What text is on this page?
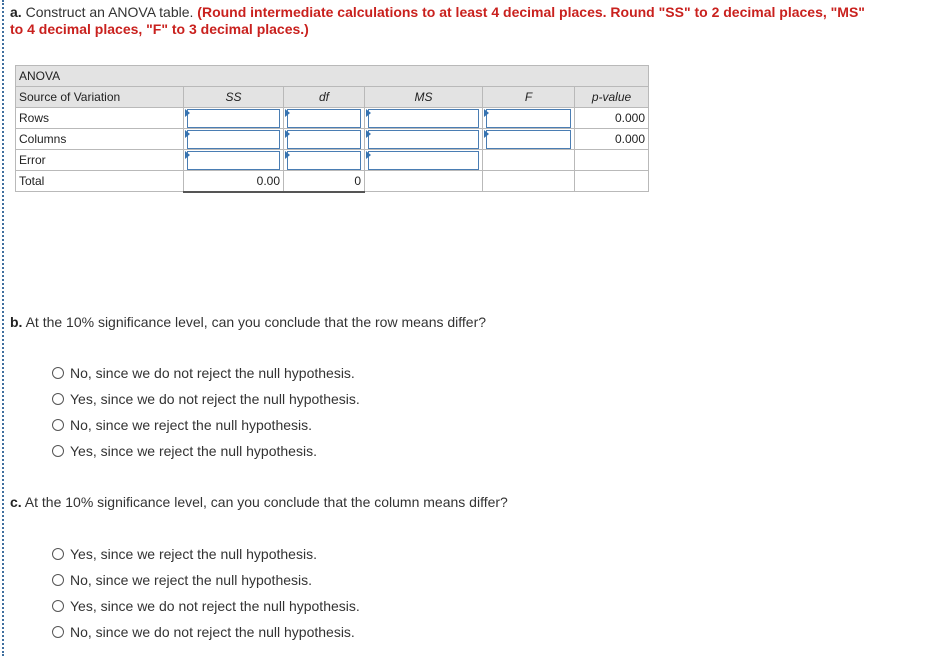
a. Construct an ANOVA table. (Round intermediate calculations to at least 4 decimal places. Round "SS" to 2 decimal places, "MS"
to 4 decimal places, "F" to 3 decimal places.)
ANOVA					
Source of Variation	SS	df	MS	F	p-value
Rows					0.000
Columns					0.000
Error	

Total	0.00	0			
b. At the 10% significance level, can you conclude that the row means differ?
No, since we do not reject the null hypothesis.
Yes, since we do not reject the null hypothesis.
No, since we reject the null hypothesis.
Yes, since we reject the null hypothesis.
c. At the 10% significance level, can you conclude that the column means differ?
Yes, since we reject the null hypothesis.
No, since we reject the null hypothesis.
Yes, since we do not reject the null hypothesis.
No, since we do not reject the null hypothesis.
